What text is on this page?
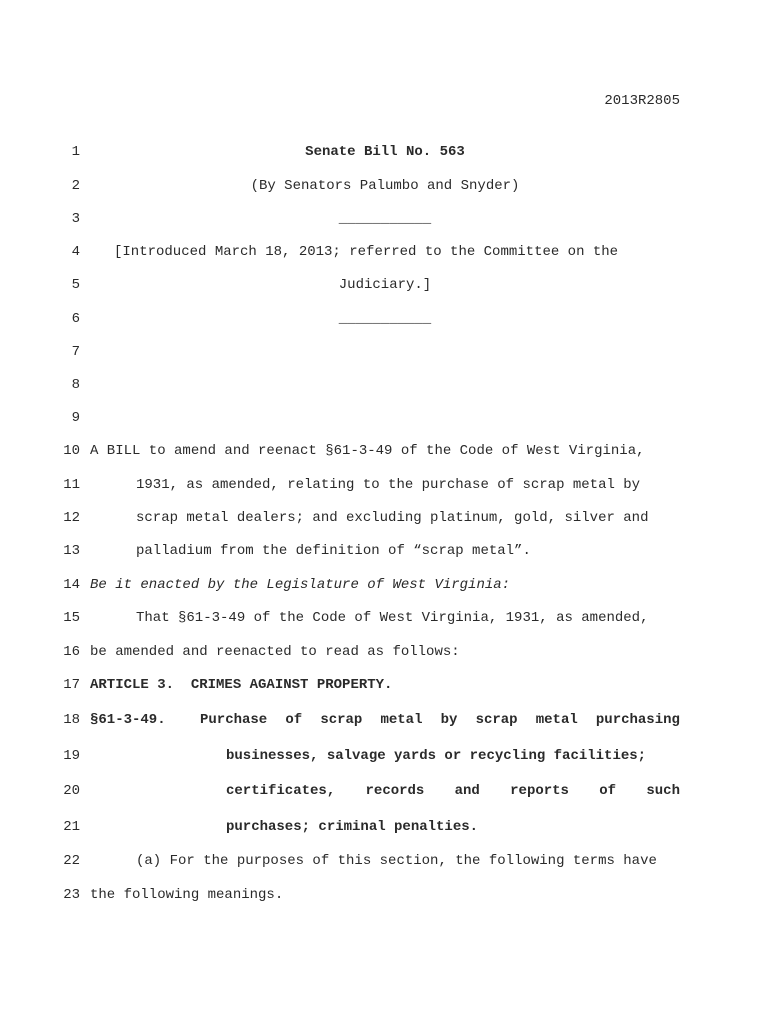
2013R2805
1
2
3
4
5
6
7
8
9
10
11
12
13
14
15
16
17
18
19
20
21
22
23
Senate Bill No. 563
(By Senators Palumbo and Snyder)
___________
[Introduced March 18, 2013; referred to the Committee on the
Judiciary.]
___________
A BILL to amend and reenact §61-3-49 of the Code of West Virginia,
1931, as amended, relating to the purchase of scrap metal by
scrap metal dealers; and excluding platinum, gold, silver and
palladium from the definition of “scrap metal”.
Be it enacted by the Legislature of West Virginia:
That §61-3-49 of the Code of West Virginia, 1931, as amended,
be amended and reenacted to read as follows:
ARTICLE 3.  CRIMES AGAINST PROPERTY.
§61-3-49. Purchase of scrap metal by scrap metal purchasing
businesses, salvage yards or recycling facilities;
certificates, records and reports of such
purchases; criminal penalties.
(a) For the purposes of this section, the following terms have
the following meanings.
